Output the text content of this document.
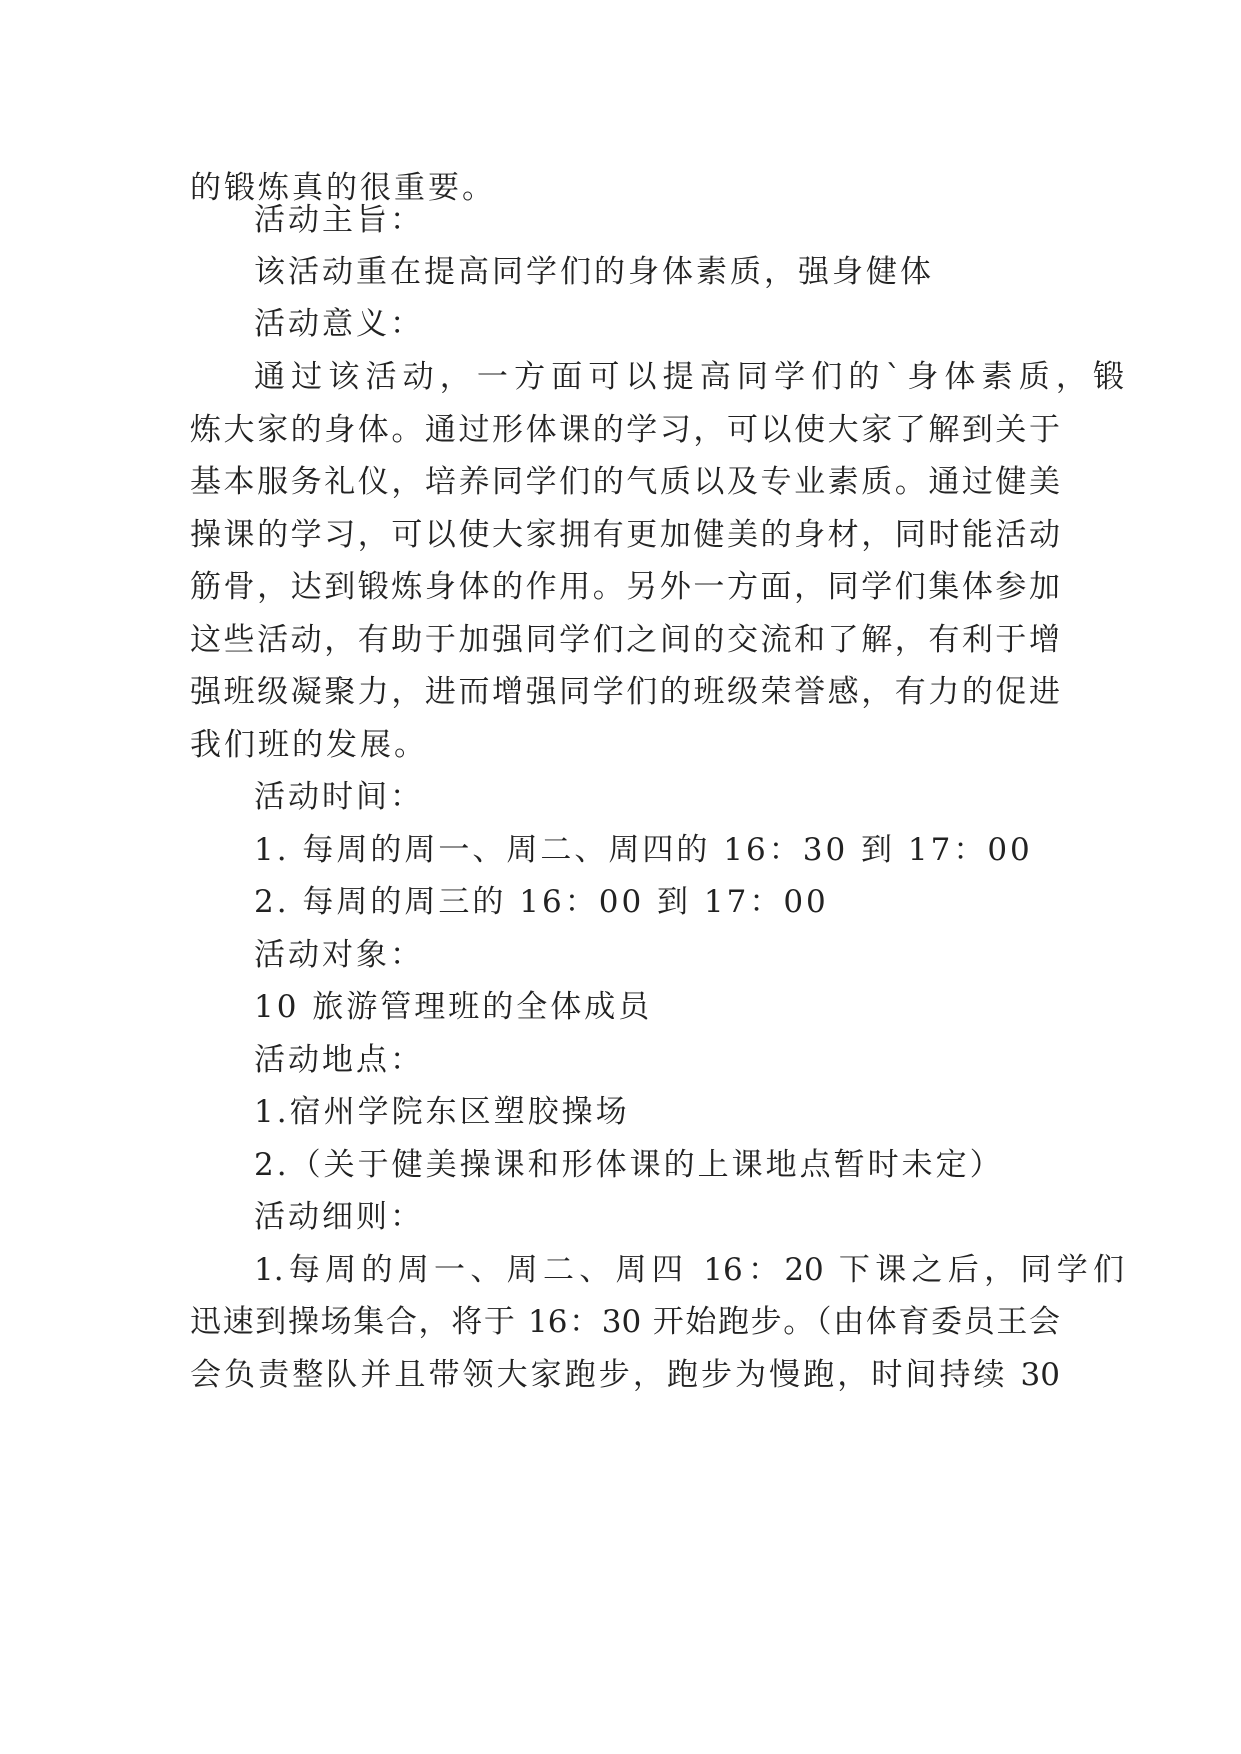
的锻炼真的很重要。

活动主旨：

该活动重在提高同学们的身体素质，强身健体

活动意义：

通过该活动，一方面可以提高同学们的`身体素质，锻

炼大家的身体。通过形体课的学习，可以使大家了解到关于

基本服务礼仪，培养同学们的气质以及专业素质。通过健美

操课的学习，可以使大家拥有更加健美的身材，同时能活动

筋骨，达到锻炼身体的作用。另外一方面，同学们集体参加

这些活动，有助于加强同学们之间的交流和了解，有利于增

强班级凝聚力，进而增强同学们的班级荣誉感，有力的促进

我们班的发展。

活动时间：

1. 每周的周一、周二、周四的 16：30 到 17：00

2. 每周的周三的 16：00 到 17：00

活动对象：

10 旅游管理班的全体成员

活动地点：

1.宿州学院东区塑胶操场

2.（关于健美操课和形体课的上课地点暂时未定）

活动细则：

1.每周的周一、周二、周四 16：20 下课之后，同学们

迅速到操场集合，将于 16：30 开始跑步。（由体育委员王会

会负责整队并且带领大家跑步，跑步为慢跑，时间持续 30
